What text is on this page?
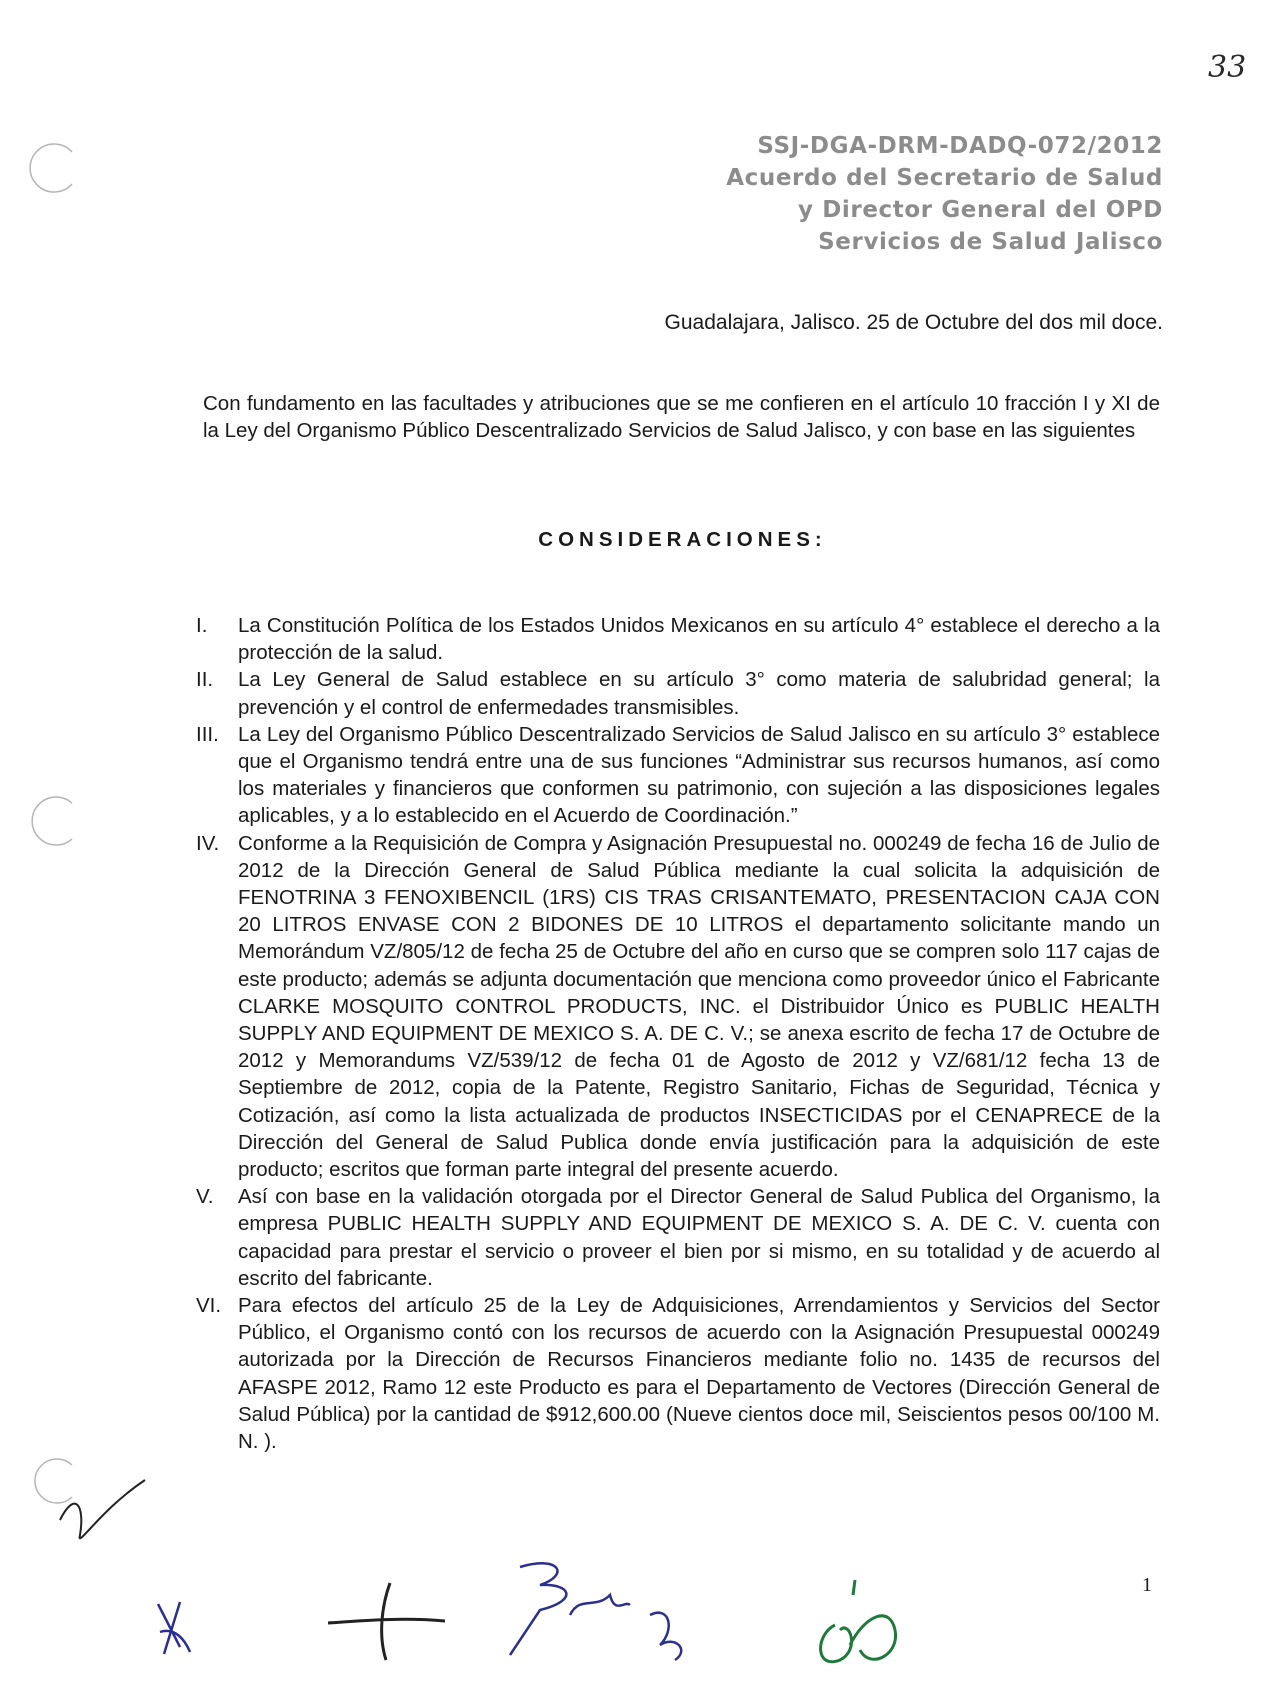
33
SSJ-DGA-DRM-DADQ-072/2012
Acuerdo del Secretario de Salud
y Director General del OPD
Servicios de Salud Jalisco
Guadalajara, Jalisco. 25 de Octubre del dos mil doce.
Con fundamento en las facultades y atribuciones que se me confieren en el artículo 10 fracción I y XI de la Ley del Organismo Público Descentralizado Servicios de Salud Jalisco, y con base en las siguientes
CONSIDERACIONES:
I.	La Constitución Política de los Estados Unidos Mexicanos en su artículo 4° establece el derecho a la protección de la salud.
II.	La Ley General de Salud establece en su artículo 3° como materia de salubridad general; la prevención y el control de enfermedades transmisibles.
III. La Ley del Organismo Público Descentralizado Servicios de Salud Jalisco en su artículo 3° establece que el Organismo tendrá entre una de sus funciones “Administrar sus recursos humanos, así como los materiales y financieros que conformen su patrimonio, con sujeción a las disposiciones legales aplicables, y a lo establecido en el Acuerdo de Coordinación.”
IV. Conforme a la Requisición de Compra y Asignación Presupuestal no. 000249 de fecha 16 de Julio de 2012 de la Dirección General de Salud Pública mediante la cual solicita la adquisición de FENOTRINA 3 FENOXIBENCIL (1RS) CIS TRAS CRISANTEMATO, PRESENTACION CAJA CON 20 LITROS ENVASE CON 2 BIDONES DE 10 LITROS el departamento solicitante mando un Memorándum VZ/805/12 de fecha 25 de Octubre del año en curso que se compren solo 117 cajas de este producto; además se adjunta documentación que menciona como proveedor único el Fabricante CLARKE MOSQUITO CONTROL PRODUCTS, INC. el Distribuidor Único es PUBLIC HEALTH SUPPLY AND EQUIPMENT DE MEXICO S. A. DE C. V.; se anexa escrito de fecha 17 de Octubre de 2012 y Memorandums VZ/539/12 de fecha 01 de Agosto de 2012 y VZ/681/12 fecha 13 de Septiembre de 2012, copia de la Patente, Registro Sanitario, Fichas de Seguridad, Técnica y Cotización, así como la lista actualizada de productos INSECTICIDAS por el CENAPRECE de la Dirección del General de Salud Publica donde envía justificación para la adquisición de este producto; escritos que forman parte integral del presente acuerdo.
V.	Así con base en la validación otorgada por el Director General de Salud Publica del Organismo, la empresa PUBLIC HEALTH SUPPLY AND EQUIPMENT DE MEXICO S. A. DE C. V. cuenta con capacidad para prestar el servicio o proveer el bien por si mismo, en su totalidad y de acuerdo al escrito del fabricante.
VI. Para efectos del artículo 25 de la Ley de Adquisiciones, Arrendamientos y Servicios del Sector Público, el Organismo contó con los recursos de acuerdo con la Asignación Presupuestal 000249 autorizada por la Dirección de Recursos Financieros mediante folio no. 1435 de recursos del AFASPE 2012, Ramo 12 este Producto es para el Departamento de Vectores (Dirección General de Salud Pública) por la cantidad de $912,600.00 (Nueve cientos doce mil, Seiscientos pesos 00/100 M. N. ).
1
